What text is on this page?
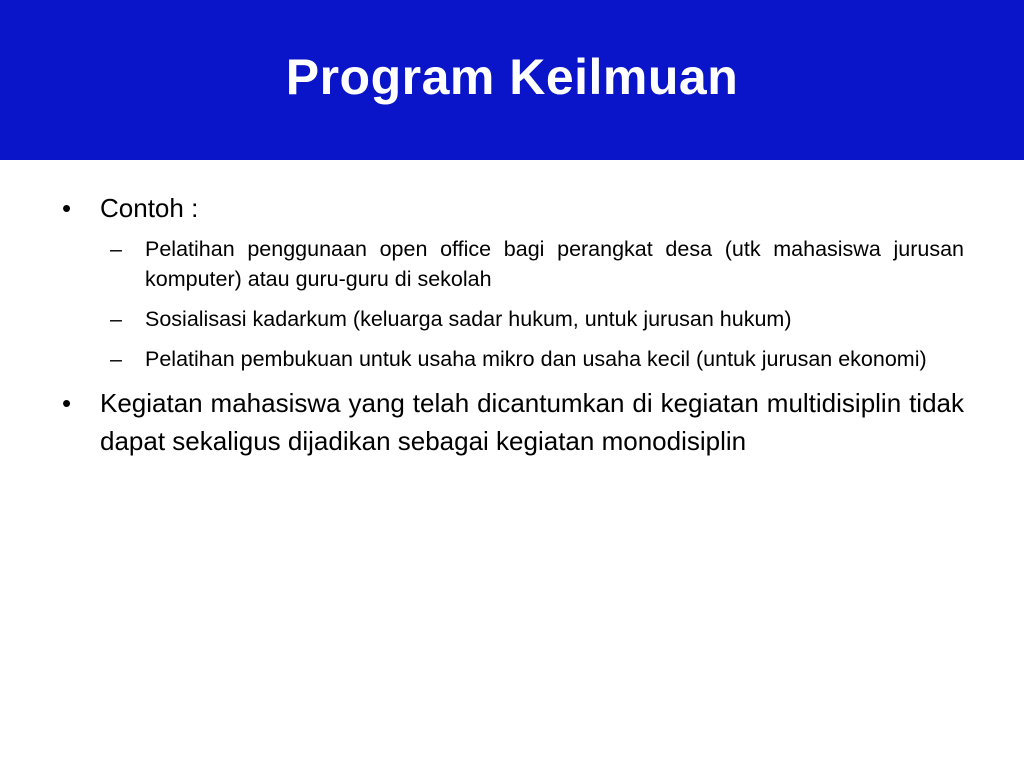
Program Keilmuan
• Contoh :
– Pelatihan penggunaan open office bagi perangkat desa (utk mahasiswa jurusan komputer) atau guru-guru di sekolah
– Sosialisasi kadarkum (keluarga sadar hukum, untuk jurusan hukum)
– Pelatihan pembukuan untuk usaha mikro dan usaha kecil (untuk jurusan ekonomi)
• Kegiatan mahasiswa yang telah dicantumkan di kegiatan multidisiplin tidak dapat sekaligus dijadikan sebagai kegiatan monodisiplin
